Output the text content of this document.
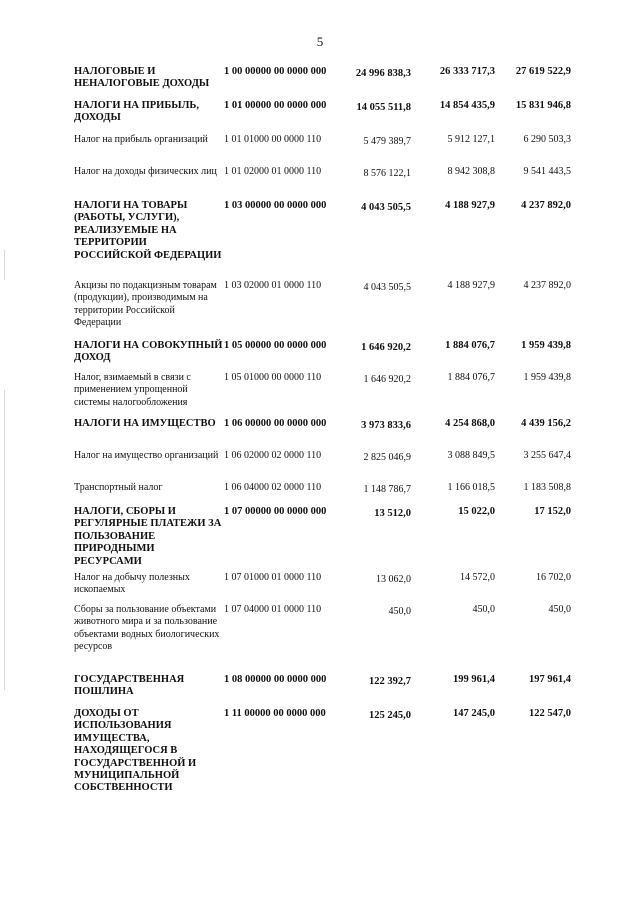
5
НАЛОГОВЫЕ И НЕНАЛОГОВЫЕ ДОХОДЫ
1 00 00000 00 0000 000	24 996 838,3	26 333 717,3	27 619 522,9
НАЛОГИ НА ПРИБЫЛЬ, ДОХОДЫ
1 01 00000 00 0000 000	14 055 511,8	14 854 435,9	15 831 946,8
Налог на прибыль организаций	1 01 01000 00 0000 110	5 479 389,7	5 912 127,1	6 290 503,3
Налог на доходы физических лиц 1 01 02000 01 0000 110	8 576 122,1	8 942 308,8	9 541 443,5
НАЛОГИ НА ТОВАРЫ (РАБОТЫ, УСЛУГИ), РЕАЛИЗУЕМЫЕ НА ТЕРРИТОРИИ РОССИЙСКОЙ ФЕДЕРАЦИИ
1 03 00000 00 0000 000	4 043 505,5	4 188 927,9	4 237 892,0
Акцизы по подакцизным товарам (продукции), производимым на территории Российской Федерации
1 03 02000 01 0000 110	4 043 505,5	4 188 927,9	4 237 892,0
НАЛОГИ НА СОВОКУПНЫЙ ДОХОД
1 05 00000 00 0000 000	1 646 920,2	1 884 076,7	1 959 439,8
Налог, взимаемый в связи с применением упрощенной системы налогообложения
1 05 01000 00 0000 110	1 646 920,2	1 884 076,7	1 959 439,8
НАЛОГИ НА ИМУЩЕСТВО 1 06 00000 00 0000 000	3 973 833,6	4 254 868,0	4 439 156,2
Налог на имущество организаций 1 06 02000 02 0000 110	2 825 046,9	3 088 849,5	3 255 647,4
Транспортный налог	1 06 04000 02 0000 110	1 148 786,7	1 166 018,5	1 183 508,8
НАЛОГИ, СБОРЫ И РЕГУЛЯРНЫЕ ПЛАТЕЖИ ЗА ПОЛЬЗОВАНИЕ ПРИРОДНЫМИ РЕСУРСАМИ
1 07 00000 00 0000 000	13 512,0	15 022,0	17 152,0
Налог на добычу полезных ископаемых
1 07 01000 01 0000 110	13 062,0	14 572,0	16 702,0
Сборы за пользование объектами животного мира и за пользование объектами водных биологических ресурсов
1 07 04000 01 0000 110	450,0	450,0	450,0
ГОСУДАРСТВЕННАЯ ПОШЛИНА
1 08 00000 00 0000 000	122 392,7	199 961,4	197 961,4
ДОХОДЫ ОТ ИСПОЛЬЗОВАНИЯ ИМУЩЕСТВА, НАХОДЯЩЕГОСЯ В ГОСУДАРСТВЕННОЙ И МУНИЦИПАЛЬНОЙ СОБСТВЕННОСТИ
1 11 00000 00 0000 000	125 245,0	147 245,0	122 547,0
